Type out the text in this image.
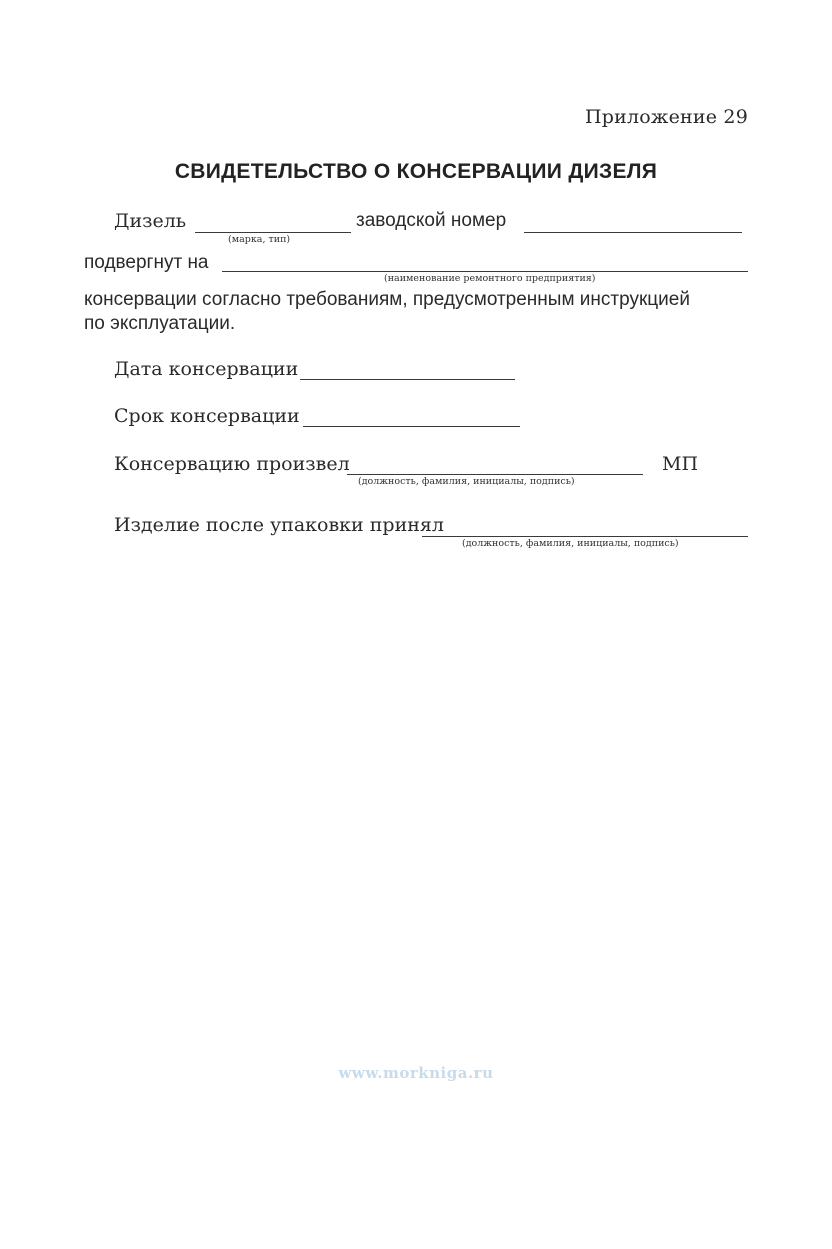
Приложение 29
СВИДЕТЕЛЬСТВО О КОНСЕРВАЦИИ ДИЗЕЛЯ
Дизель
(марка, тип)
заводской номер
подвергнут на
(наименование ремонтного предприятия)
консервации согласно требованиям, предусмотренным инструкцией
по эксплуатации.
Дата консервации
Срок консервации
Консервацию произвел
(должность, фамилия, инициалы, подпись)
МП
Изделие после упаковки принял
(должность, фамилия, инициалы, подпись)
www.morkniga.ru
